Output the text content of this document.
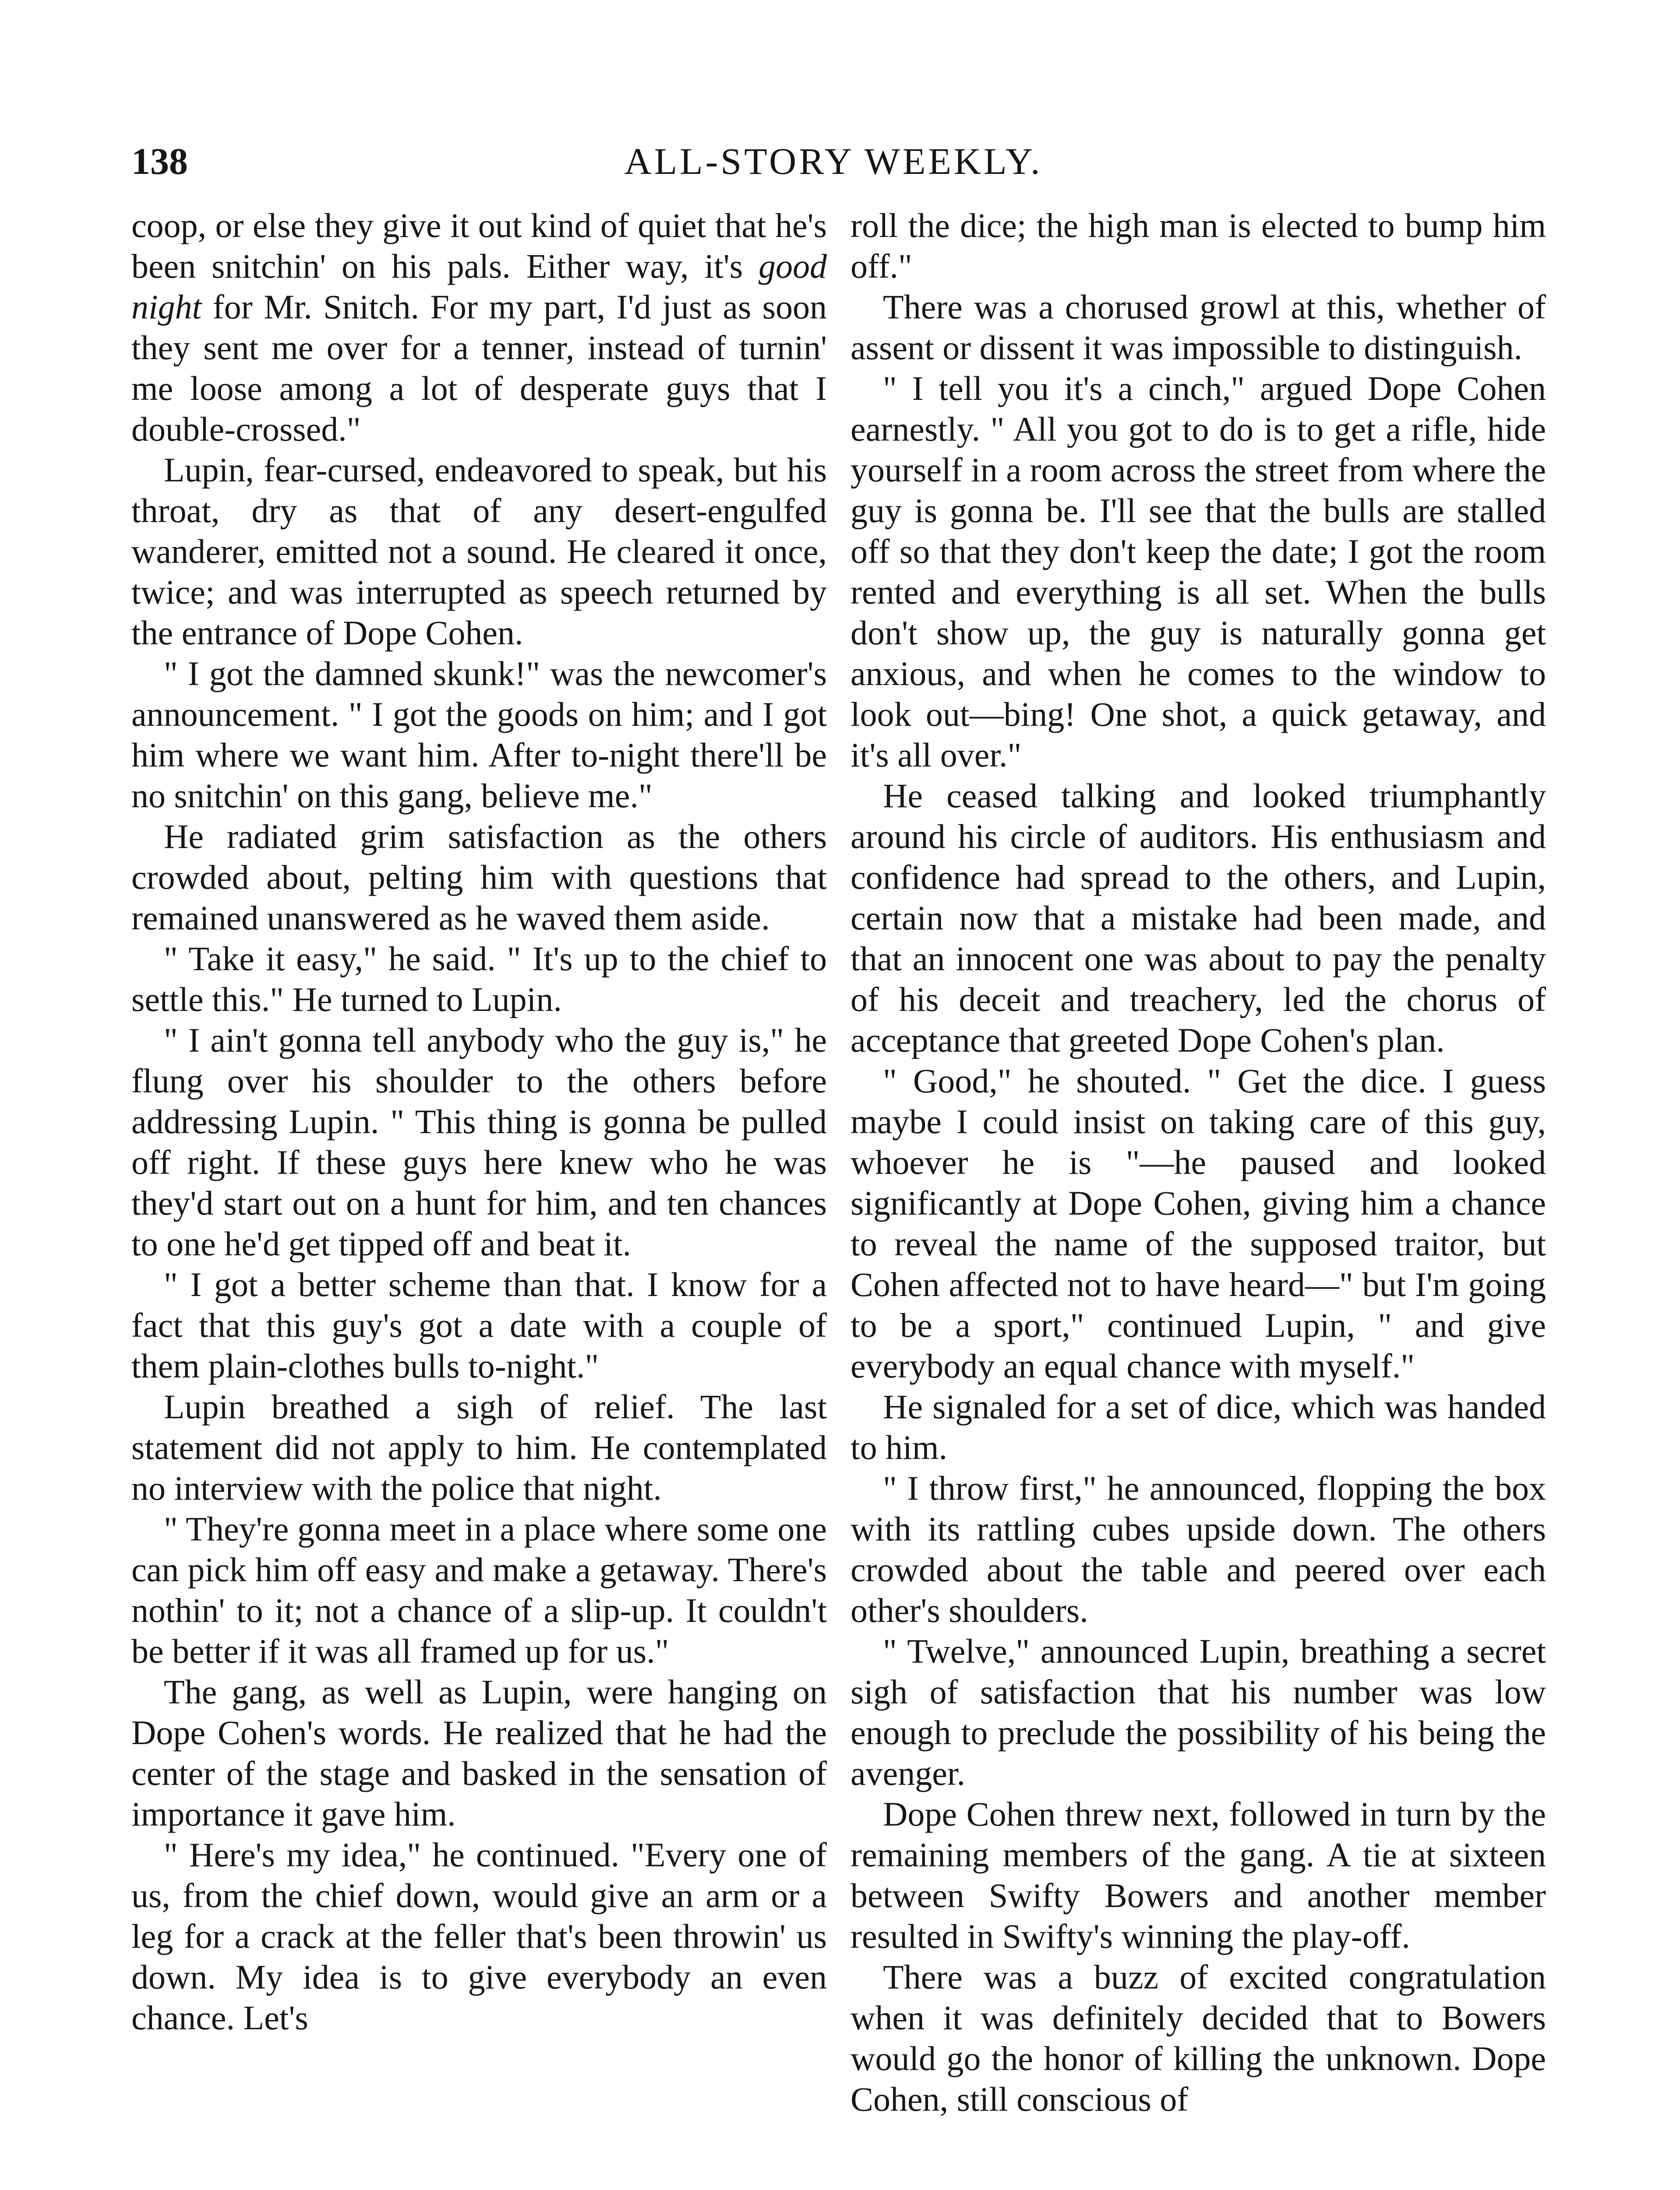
138	ALL-STORY WEEKLY.

coop, or else they give it out kind of quiet that he's been snitchin' on his pals. Either way, it's good night for Mr. Snitch. For my part, I'd just as soon they sent me over for a tenner, instead of turnin' me loose among a lot of desperate guys that I double-crossed."

Lupin, fear-cursed, endeavored to speak, but his throat, dry as that of any desert-engulfed wanderer, emitted not a sound. He cleared it once, twice; and was interrupted as speech returned by the entrance of Dope Cohen.

" I got the damned skunk!" was the newcomer's announcement. " I got the goods on him; and I got him where we want him. After to-night there'll be no snitchin' on this gang, believe me."

He radiated grim satisfaction as the others crowded about, pelting him with questions that remained unanswered as he waved them aside.

" Take it easy," he said. " It's up to the chief to settle this." He turned to Lupin.

" I ain't gonna tell anybody who the guy is," he flung over his shoulder to the others before addressing Lupin. " This thing is gonna be pulled off right. If these guys here knew who he was they'd start out on a hunt for him, and ten chances to one he'd get tipped off and beat it.

" I got a better scheme than that. I know for a fact that this guy's got a date with a couple of them plain-clothes bulls to-night."

Lupin breathed a sigh of relief. The last statement did not apply to him. He contemplated no interview with the police that night.

" They're gonna meet in a place where some one can pick him off easy and make a getaway. There's nothin' to it; not a chance of a slip-up. It couldn't be better if it was all framed up for us."

The gang, as well as Lupin, were hanging on Dope Cohen's words. He realized that he had the center of the stage and basked in the sensation of importance it gave him.

" Here's my idea," he continued. "Every one of us, from the chief down, would give an arm or a leg for a crack at the feller that's been throwin' us down. My idea is to give everybody an even chance. Let's

roll the dice; the high man is elected to bump him off."

There was a chorused growl at this, whether of assent or dissent it was impossible to distinguish.

" I tell you it's a cinch," argued Dope Cohen earnestly. " All you got to do is to get a rifle, hide yourself in a room across the street from where the guy is gonna be. I'll see that the bulls are stalled off so that they don't keep the date; I got the room rented and everything is all set. When the bulls don't show up, the guy is naturally gonna get anxious, and when he comes to the window to look out—bing! One shot, a quick getaway, and it's all over."

He ceased talking and looked triumphantly around his circle of auditors. His enthusiasm and confidence had spread to the others, and Lupin, certain now that a mistake had been made, and that an innocent one was about to pay the penalty of his deceit and treachery, led the chorus of acceptance that greeted Dope Cohen's plan.

" Good," he shouted. " Get the dice. I guess maybe I could insist on taking care of this guy, whoever he is "—he paused and looked significantly at Dope Cohen, giving him a chance to reveal the name of the supposed traitor, but Cohen affected not to have heard—" but I'm going to be a sport," continued Lupin, " and give everybody an equal chance with myself."

He signaled for a set of dice, which was handed to him.

" I throw first," he announced, flopping the box with its rattling cubes upside down. The others crowded about the table and peered over each other's shoulders.

" Twelve," announced Lupin, breathing a secret sigh of satisfaction that his number was low enough to preclude the possibility of his being the avenger.

Dope Cohen threw next, followed in turn by the remaining members of the gang. A tie at sixteen between Swifty Bowers and another member resulted in Swifty's winning the play-off.

There was a buzz of excited congratulation when it was definitely decided that to Bowers would go the honor of killing the unknown. Dope Cohen, still conscious of
